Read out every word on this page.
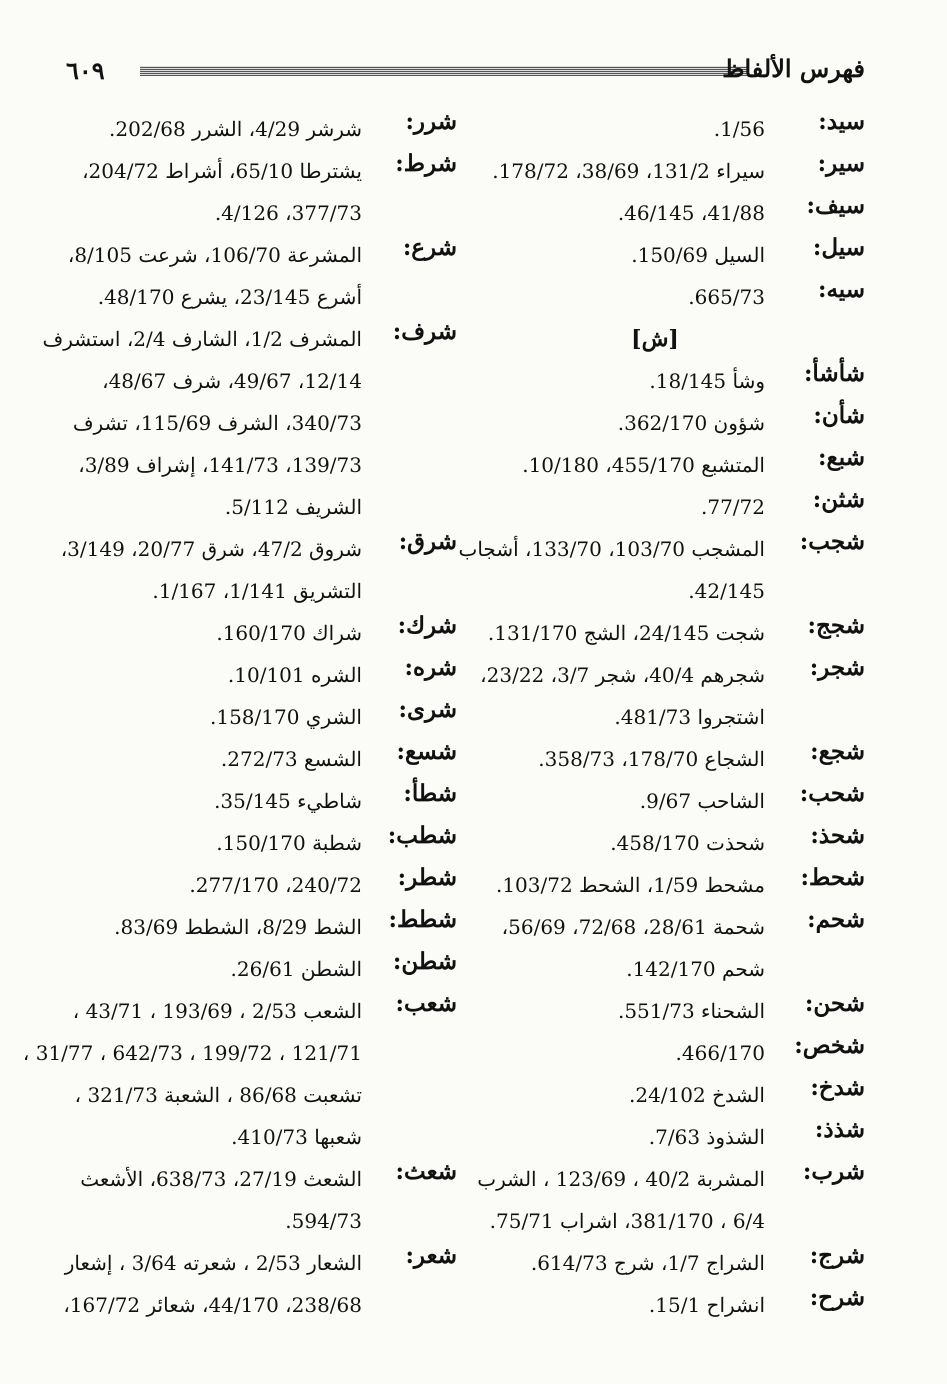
٦٠٩	فهرس الألفاظ
سيد:
1/56.
سير:
سيراء 131/2، 38/69، 178/72.
سيف:
41/88، 46/145.
سيل:
السيل 150/69.
سيه:
665/73.
[ش]
شأشأ:
وشأ 18/145.
شأن:
شؤون 362/170.
شبع:
المتشبع 455/170، 10/180.
شثن:
77/72.
شجب:
المشجب 103/70، 133/70، أشجاب
42/145.
شجج:
شجت 24/145، الشج 131/170.
شجر:
شجرهم 40/4، شجر 3/7، 23/22،
اشتجروا 481/73.
شجع:
الشجاع 178/70، 358/73.
شحب:
الشاحب 9/67.
شحذ:
شحذت 458/170.
شحط:
مشحط 1/59، الشحط 103/72.
شحم:
شحمة 28/61، 72/68، 56/69،
شحم 142/170.
شحن:
الشحناء 551/73.
شخص:
466/170.
شدخ:
الشدخ 24/102.
شذذ:
الشذوذ 7/63.
شرب:
المشربة 40/2 ، 123/69 ، الشرب
6/4 ، 381/170، اشراب 75/71.
شرج:
الشراج 1/7، شرج 614/73.
شرح:
انشراح 15/1.
شرر:
شرشر 4/29، الشرر 202/68.
شرط:
يشترطا 65/10، أشراط 204/72،
377/73، 4/126.
شرع:
المشرعة 106/70، شرعت 8/105،
أشرع 23/145، يشرع 48/170.
شرف:
المشرف 1/2، الشارف 2/4، استشرف
12/14، 49/67، شرف 48/67،
340/73، الشرف 115/69، تشرف
139/73، 141/73، إشراف 3/89،
الشريف 5/112.
شرق:
شروق 47/2، شرق 20/77، 3/149،
التشريق 1/141، 1/167.
شرك:
شراك 160/170.
شره:
الشره 10/101.
شرى:
الشري 158/170.
شسع:
الشسع 272/73.
شطأ:
شاطيء 35/145.
شطب:
شطبة 150/170.
شطر:
240/72، 277/170.
شطط:
الشط 8/29، الشطط 83/69.
شطن:
الشطن 26/61.
شعب:
الشعب 2/53 ، 193/69 ، 43/71 ،
121/71 ، 199/72 ، 642/73 ، 31/77 ،
تشعبت 86/68 ، الشعبة 321/73 ،
شعبها 410/73.
شعث:
الشعث 27/19، 638/73، الأشعث
594/73.
شعر:
الشعار 2/53 ، شعرته 3/64 ، إشعار
238/68، 44/170، شعائر 167/72،
